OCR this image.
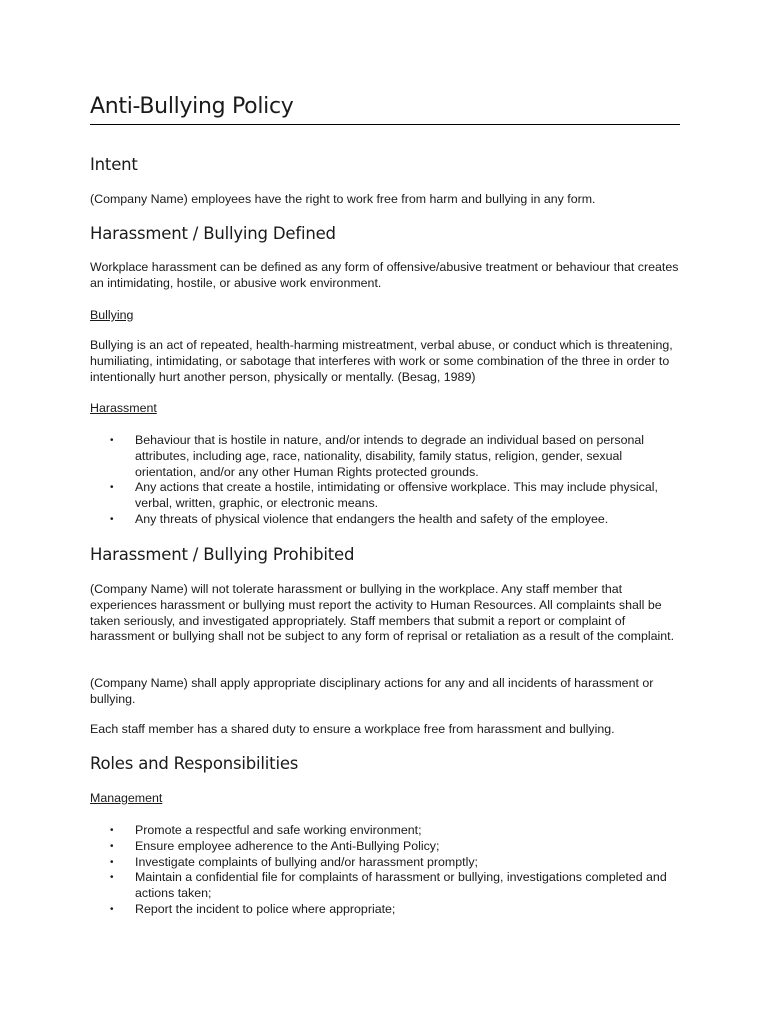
Anti-Bullying Policy
Intent

(Company Name) employees have the right to work free from harm and bullying in any form.

Harassment / Bullying Defined

Workplace harassment can be defined as any form of offensive/abusive treatment or behaviour that creates an intimidating, hostile, or abusive work environment.

Bullying

Bullying is an act of repeated, health-harming mistreatment, verbal abuse, or conduct which is threatening, humiliating, intimidating, or sabotage that interferes with work or some combination of the three in order to intentionally hurt another person, physically or mentally. (Besag, 1989)

Harassment

• Behaviour that is hostile in nature, and/or intends to degrade an individual based on personal attributes, including age, race, nationality, disability, family status, religion, gender, sexual orientation, and/or any other Human Rights protected grounds.
• Any actions that create a hostile, intimidating or offensive workplace. This may include physical, verbal, written, graphic, or electronic means.
• Any threats of physical violence that endangers the health and safety of the employee.
Harassment / Bullying Prohibited

(Company Name) will not tolerate harassment or bullying in the workplace. Any staff member that experiences harassment or bullying must report the activity to Human Resources. All complaints shall be taken seriously, and investigated appropriately. Staff members that submit a report or complaint of harassment or bullying shall not be subject to any form of reprisal or retaliation as a result of the complaint.

(Company Name) shall apply appropriate disciplinary actions for any and all incidents of harassment or bullying.

Each staff member has a shared duty to ensure a workplace free from harassment and bullying.

Roles and Responsibilities

Management

• Promote a respectful and safe working environment;
• Ensure employee adherence to the Anti-Bullying Policy;
• Investigate complaints of bullying and/or harassment promptly;
• Maintain a confidential file for complaints of harassment or bullying, investigations completed and actions taken;
• Report the incident to police where appropriate;
